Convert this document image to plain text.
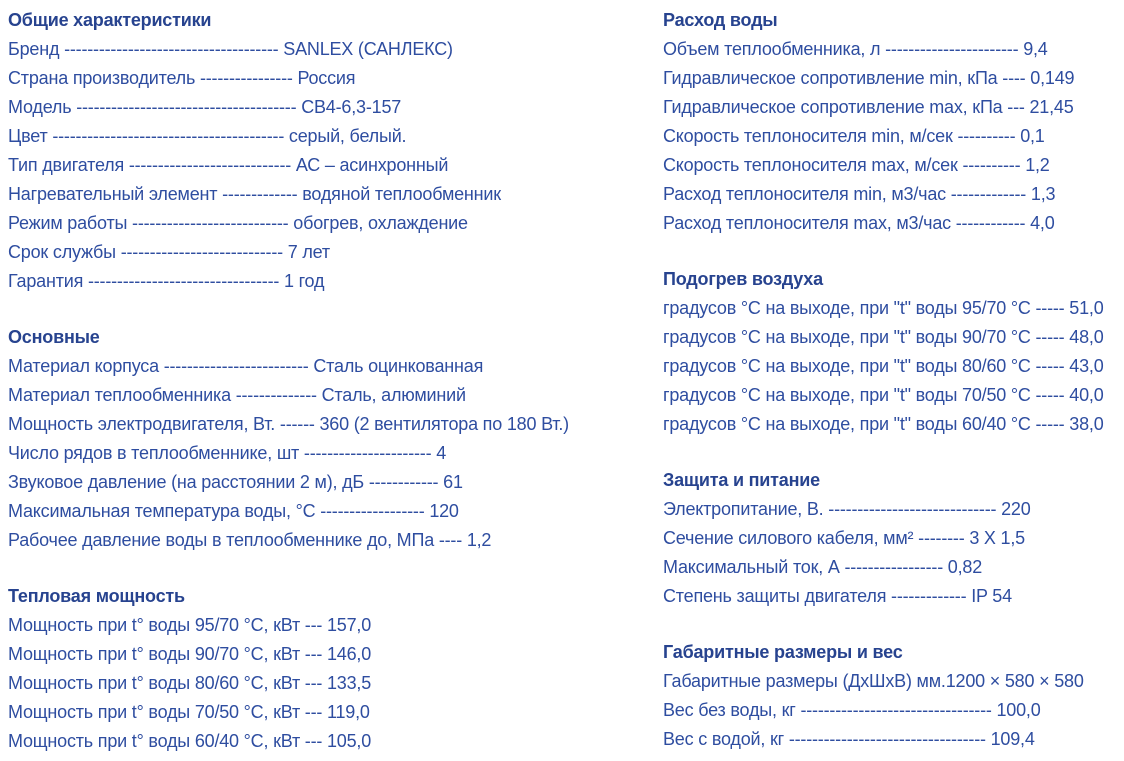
Общие характеристики
Бренд ------------------------------------- SANLEX (САНЛЕКС)
Страна производитель ---------------- Россия
Модель -------------------------------------- СВ4-6,3-157
Цвет ---------------------------------------- серый, белый.
Тип двигателя ---------------------------- АС – асинхронный
Нагревательный элемент ------------- водяной теплообменник
Режим работы --------------------------- обогрев, охлаждение
Срок службы ---------------------------- 7 лет
Гарантия --------------------------------- 1 год
Основные
Материал корпуса ------------------------- Сталь оцинкованная
Материал теплообменника -------------- Сталь, алюминий
Мощность электродвигателя, Вт. ------ 360 (2 вентилятора по 180 Вт.)
Число рядов в теплообменнике, шт ---------------------- 4
Звуковое давление (на расстоянии 2 м), дБ ------------ 61
Максимальная температура воды, °С ------------------ 120
Рабочее давление воды в теплообменнике до, МПа ---- 1,2
Тепловая мощность
Мощность при t° воды 95/70 °С, кВт --- 157,0
Мощность при t° воды 90/70 °С, кВт --- 146,0
Мощность при t° воды 80/60 °С, кВт --- 133,5
Мощность при t° воды 70/50 °С, кВт --- 119,0
Мощность при t° воды 60/40 °С, кВт --- 105,0
Расход воды
Объем теплообменника, л ----------------------- 9,4
Гидравлическое сопротивление min, кПа ---- 0,149
Гидравлическое сопротивление max, кПа --- 21,45
Скорость теплоносителя min, м/сек ---------- 0,1
Скорость теплоносителя max, м/сек ---------- 1,2
Расход теплоносителя min, м3/час ------------- 1,3
Расход теплоносителя max, м3/час ------------ 4,0
Подогрев воздуха
градусов °С на выходе, при "t" воды 95/70 °С ----- 51,0
градусов °С на выходе, при "t" воды 90/70 °С ----- 48,0
градусов °С на выходе, при "t" воды 80/60 °С ----- 43,0
градусов °С на выходе, при "t" воды 70/50 °С ----- 40,0
градусов °С на выходе, при "t" воды 60/40 °С ----- 38,0
Защита и питание
Электропитание, В. ----------------------------- 220
Сечение силового кабеля, мм² -------- 3 Х 1,5
Максимальный ток, А ----------------- 0,82
Степень защиты двигателя ------------- IP 54
Габаритные размеры и вес
Габаритные размеры (ДхШхВ) мм.1200 × 580 × 580
Вес без воды, кг --------------------------------- 100,0
Вес с водой, кг ---------------------------------- 109,4
